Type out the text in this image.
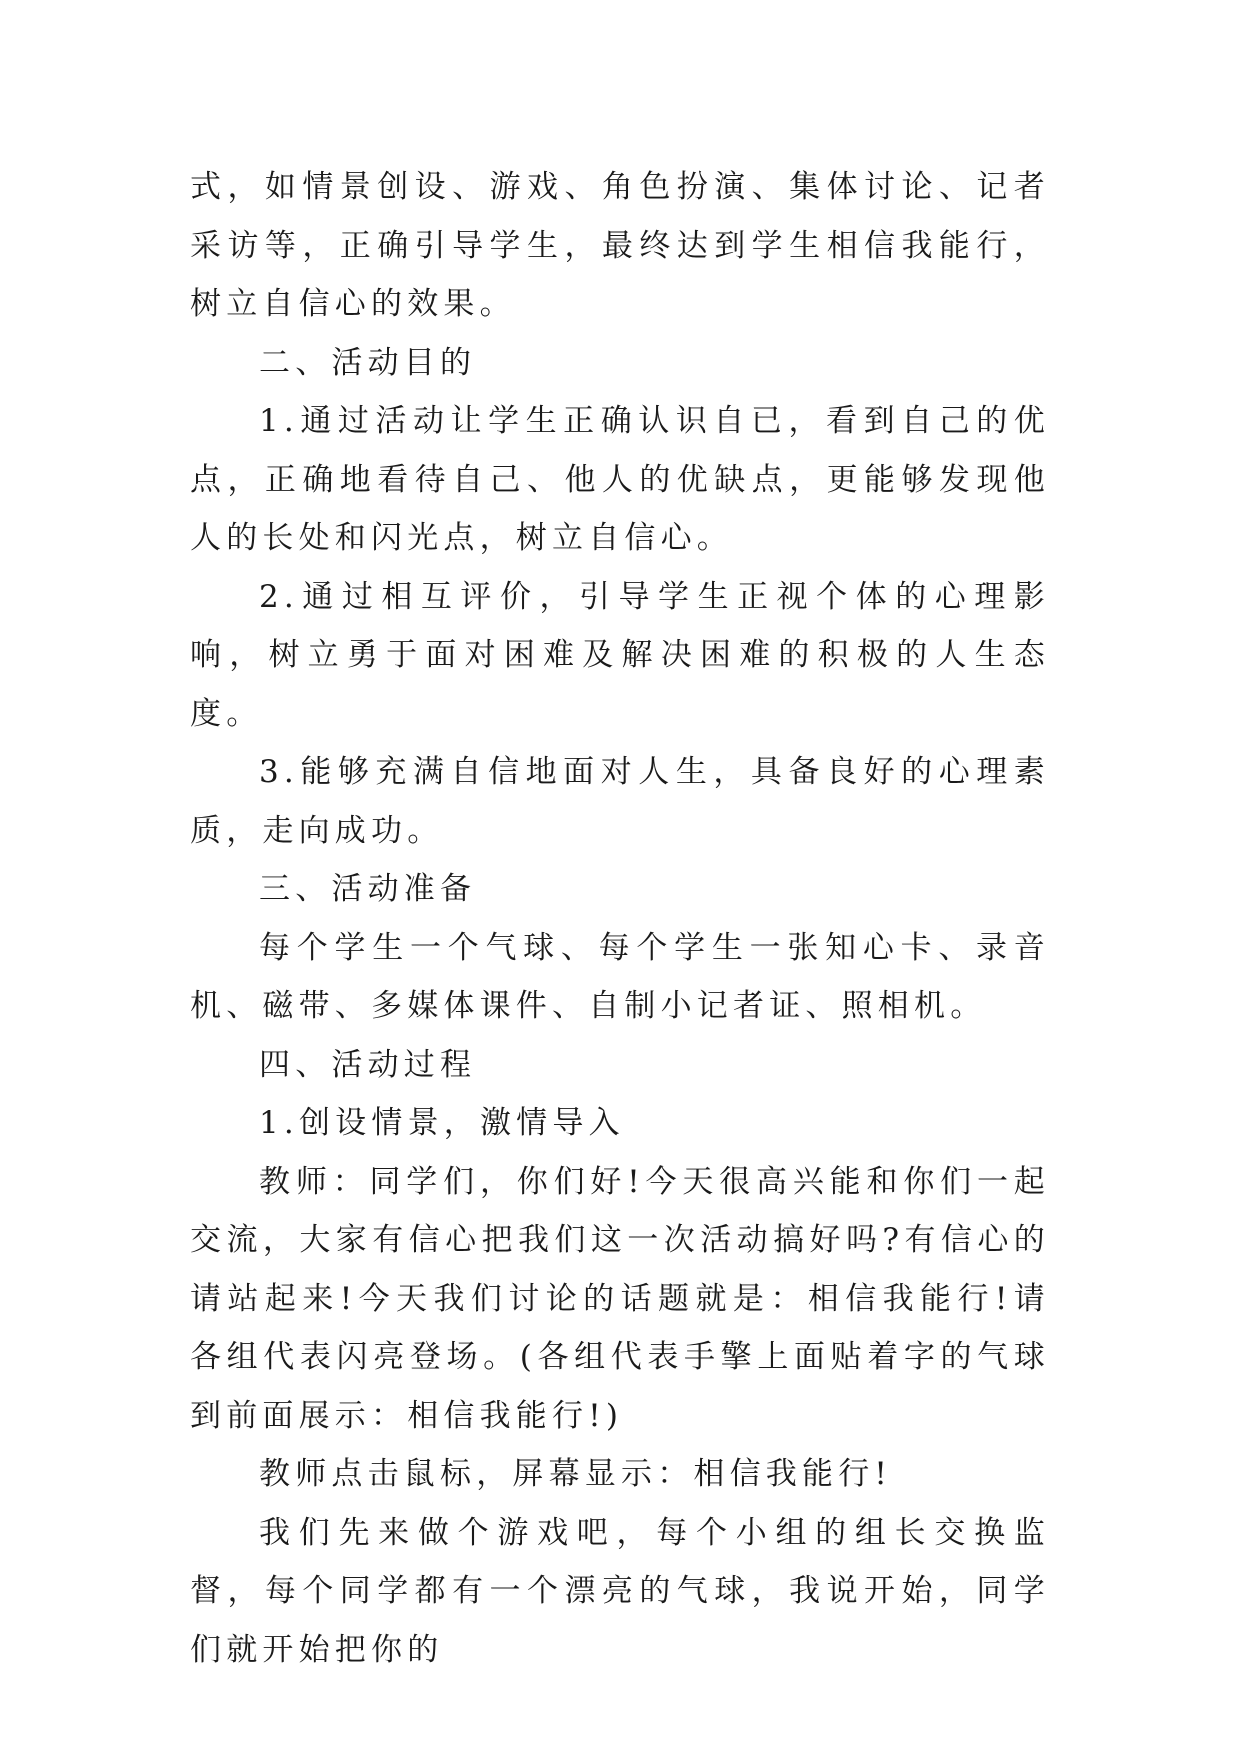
式，如情景创设、游戏、角色扮演、集体讨论、记者采访等，正确引导学生，最终达到学生相信我能行，树立自信心的效果。

二、活动目的

1.通过活动让学生正确认识自已，看到自己的优点，正确地看待自己、他人的优缺点，更能够发现他人的长处和闪光点，树立自信心。

2.通过相互评价，引导学生正视个体的心理影响，树立勇于面对困难及解决困难的积极的人生态度。

3.能够充满自信地面对人生，具备良好的心理素质，走向成功。

三、活动准备

每个学生一个气球、每个学生一张知心卡、录音机、磁带、多媒体课件、自制小记者证、照相机。

四、活动过程

1.创设情景，激情导入

教师：同学们，你们好!今天很高兴能和你们一起交流，大家有信心把我们这一次活动搞好吗?有信心的请站起来!今天我们讨论的话题就是：相信我能行!请各组代表闪亮登场。(各组代表手擎上面贴着字的气球到前面展示：相信我能行!)

教师点击鼠标，屏幕显示：相信我能行!

我们先来做个游戏吧，每个小组的组长交换监督，每个同学都有一个漂亮的气球，我说开始，同学们就开始把你的
